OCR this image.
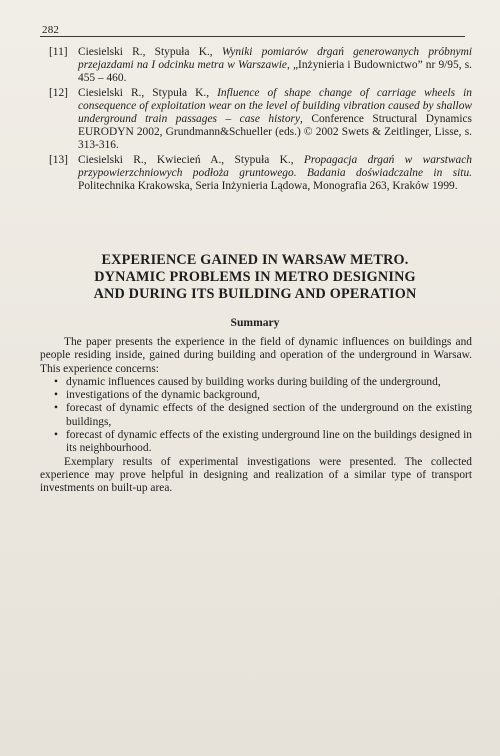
282
[11] Ciesielski R., Stypuła K., Wyniki pomiarów drgań generowanych próbnymi przejazdami na I odcinku metra w Warszawie, „Inżynieria i Budownictwo” nr 9/95, s. 455 – 460.
[12] Ciesielski R., Stypuła K., Influence of shape change of carriage wheels in consequence of exploitation wear on the level of building vibration caused by shallow underground train passages – case history, Conference Structural Dynamics EURODYN 2002, Grundmann&Schueller (eds.) © 2002 Swets & Zeitlinger, Lisse, s. 313-316.
[13] Ciesielski R., Kwiecień A., Stypuła K., Propagacja drgań w warstwach przypowierzchniowych podłoża gruntowego. Badania doświadczalne in situ. Politechnika Krakowska, Seria Inżynieria Lądowa, Monografia 263, Kraków 1999.
EXPERIENCE GAINED IN WARSAW METRO.
DYNAMIC PROBLEMS IN METRO DESIGNING
AND DURING ITS BUILDING AND OPERATION
Summary

The paper presents the experience in the field of dynamic influences on buildings and people residing inside, gained during building and operation of the underground in Warsaw. This experience concerns:

• dynamic influences caused by building works during building of the underground,
• investigations of the dynamic background,
• forecast of dynamic effects of the designed section of the underground on the existing buildings,
• forecast of dynamic effects of the existing underground line on the buildings designed in its neighbourhood.

Exemplary results of experimental investigations were presented. The collected experience may prove helpful in designing and realization of a similar type of transport investments on built-up area.
